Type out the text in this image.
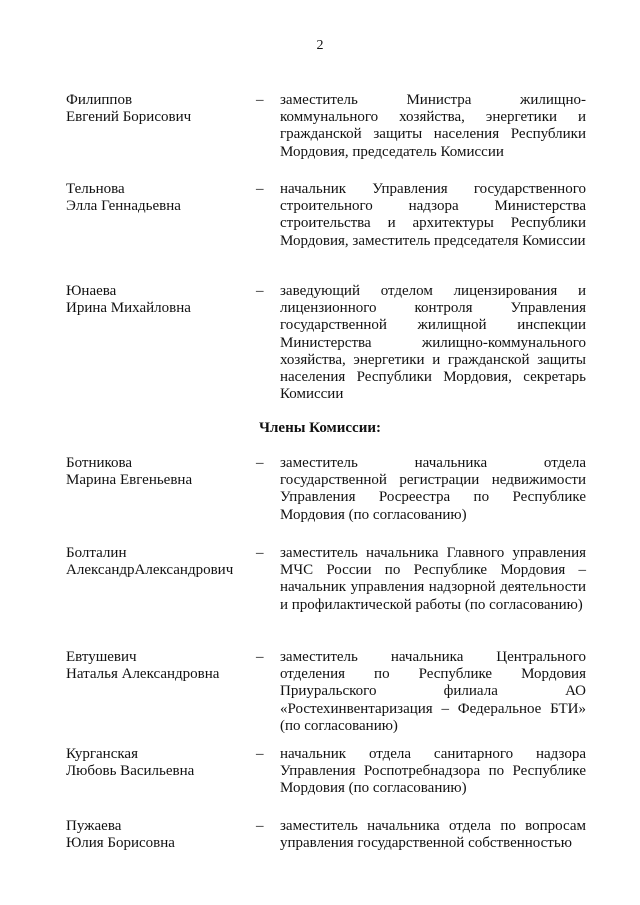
2
Филиппов
Евгений Борисович
– заместитель Министра жилищно-коммунального хозяйства, энергетики и гражданской защиты населения Республики Мордовия, председатель Комиссии
Тельнова
Элла Геннадьевна
– начальник Управления государственного строительного надзора Министерства строительства и архитектуры Республики Мордовия, заместитель председателя Комиссии
Юнаева
Ирина Михайловна
– заведующий отделом лицензирования и лицензионного контроля Управления государственной жилищной инспекции Министерства жилищно-коммунального хозяйства, энергетики и гражданской защиты населения Республики Мордовия, секретарь Комиссии
Члены Комиссии:
Ботникова
Марина Евгеньевна
– заместитель начальника отдела государственной регистрации недвижимости Управления Росреестра по Республике Мордовия (по согласованию)
Болталин
АлександрАлександрович
– заместитель начальника Главного управления МЧС России по Республике Мордовия – начальник управления надзорной деятельности и профилактической работы (по согласованию)
Евтушевич
Наталья Александровна
– заместитель начальника Центрального отделения по Республике Мордовия Приуральского филиала АО «Ростехинвентаризация – Федеральное БТИ» (по согласованию)
Курганская
Любовь Васильевна
– начальник отдела санитарного надзора Управления Роспотребнадзора по Республике Мордовия (по согласованию)
Пужаева
Юлия Борисовна
– заместитель начальника отдела по вопросам управления государственной собственностью
